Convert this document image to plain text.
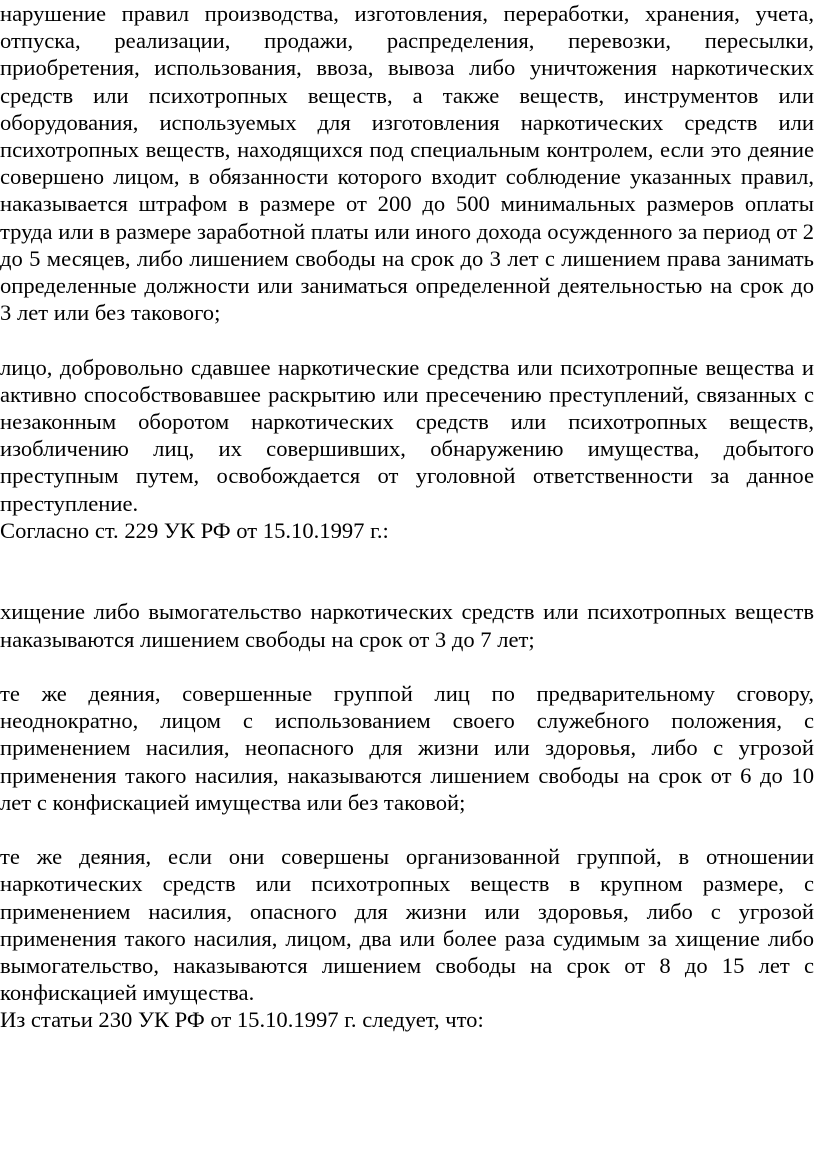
нарушение правил производства, изготовления, переработки, хранения, учета, отпуска, реализации, продажи, распределения, перевозки, пересылки, приобретения, использования, ввоза, вывоза либо уничтожения наркотических средств или психотропных веществ, а также веществ, инструментов или оборудования, используемых для изготовления наркотических средств или психотропных веществ, находящихся под специальным контролем, если это деяние совершено лицом, в обязанности которого входит соблюдение указанных правил, наказывается штрафом в размере от 200 до 500 минимальных размеров оплаты труда или в размере заработной платы или иного дохода осужденного за период от 2 до 5 месяцев, либо лишением свободы на срок до 3 лет с лишением права занимать определенные должности или заниматься определенной деятельностью на срок до 3 лет или без такового;

лицо, добровольно сдавшее наркотические средства или психотропные вещества и активно способствовавшее раскрытию или пресечению преступлений, связанных с незаконным оборотом наркотических средств или психотропных веществ, изобличению лиц, их совершивших, обнаружению имущества, добытого преступным путем, освобождается от уголовной ответственности за данное преступление.

Согласно ст. 229 УК РФ от 15.10.1997 г.:

хищение либо вымогательство наркотических средств или психотропных веществ наказываются лишением свободы на срок от 3 до 7 лет;

те же деяния, совершенные группой лиц по предварительному сговору, неоднократно, лицом с использованием своего служебного положения, с применением насилия, неопасного для жизни или здоровья, либо с угрозой применения такого насилия, наказываются лишением свободы на срок от 6 до 10 лет с конфискацией имущества или без таковой;

те же деяния, если они совершены организованной группой, в отношении наркотических средств или психотропных веществ в крупном размере, с применением насилия, опасного для жизни или здоровья, либо с угрозой применения такого насилия, лицом, два или более раза судимым за хищение либо вымогательство, наказываются лишением свободы на срок от 8 до 15 лет с конфискацией имущества.

Из статьи 230 УК РФ от 15.10.1997 г. следует, что:
